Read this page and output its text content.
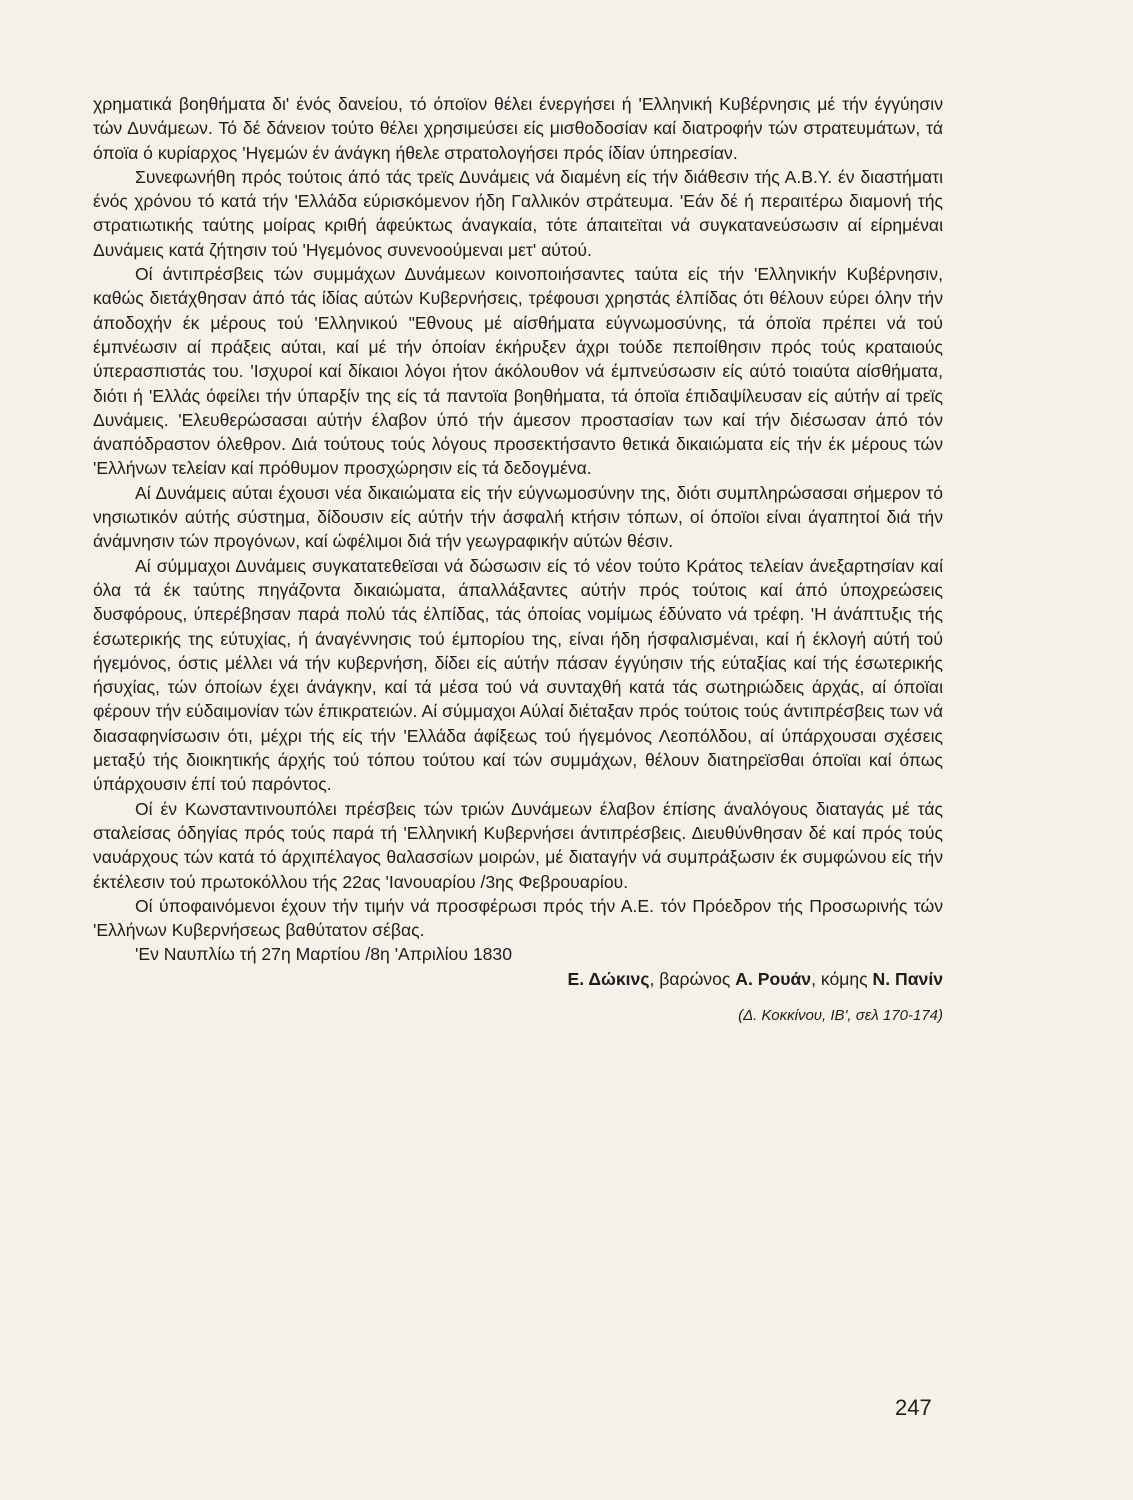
χρηματικά βοηθήματα δι' ένός δανείου, τό όποϊον θέλει ένεργήσει ή 'Ελληνική Κυβέρνησις μέ τήν έγγύησιν τών Δυνάμεων. Τό δέ δάνειον τούτο θέλει χρησιμεύσει είς μισθοδοσίαν καί διατροφήν τών στρατευμάτων, τά όποϊα ό κυρίαρχος 'Ηγεμών έν άνάγκη ήθελε στρατολογήσει πρός ίδίαν ύπηρεσίαν.

Συνεφωνήθη πρός τούτοις άπό τάς τρεϊς Δυνάμεις νά διαμένη είς τήν διάθεσιν τής Α.Β.Υ. έν διαστήματι ένός χρόνου τό κατά τήν 'Ελλάδα εύρισκόμενον ήδη Γαλλικόν στράτευμα. 'Εάν δέ ή περαιτέρω διαμονή τής στρατιωτικής ταύτης μοίρας κριθή άφεύκτως άναγκαία, τότε άπαιτεϊται νά συγκατανεύσωσιν αί είρημέναι Δυνάμεις κατά ζήτησιν τού 'Ηγεμόνος συνενοούμεναι μετ' αύτού.

Οί άντιπρέσβεις τών συμμάχων Δυνάμεων κοινοποιήσαντες ταύτα είς τήν 'Ελληνικήν Κυβέρνησιν, καθώς διετάχθησαν άπό τάς ίδίας αύτών Κυβερνήσεις, τρέφουσι χρηστάς έλπίδας ότι θέλουν εύρει όλην τήν άποδοχήν έκ μέρους τού 'Ελληνικού "Εθνους μέ αίσθήματα εύγνωμοσύνης, τά όποϊα πρέπει νά τού έμπνέωσιν αί πράξεις αύται, καί μέ τήν όποίαν έκήρυξεν άχρι τούδε πεποίθησιν πρός τούς κραταιούς ύπερασπιστάς του. 'Ισχυροί καί δίκαιοι λόγοι ήτον άκόλουθον νά έμπνεύσωσιν είς αύτό τοιαύτα αίσθήματα, διότι ή 'Ελλάς όφείλει τήν ύπαρξίν της είς τά παντοϊα βοηθήματα, τά όποϊα έπιδαψίλευσαν είς αύτήν αί τρεϊς Δυνάμεις. 'Ελευθερώσασαι αύτήν έλαβον ύπό τήν άμεσον προστασίαν των καί τήν διέσωσαν άπό τόν άναπόδραστον όλεθρον. Διά τούτους τούς λόγους προσεκτήσαντο θετικά δικαιώματα είς τήν έκ μέρους τών 'Ελλήνων τελείαν καί πρόθυμον προσχώρησιν είς τά δεδογμένα.

Αί Δυνάμεις αύται έχουσι νέα δικαιώματα είς τήν εύγνωμοσύνην της, διότι συμπληρώσασαι σήμερον τό νησιωτικόν αύτής σύστημα, δίδουσιν είς αύτήν τήν άσφαλή κτήσιν τόπων, οί όποϊοι είναι άγαπητοί διά τήν άνάμνησιν τών προγόνων, καί ώφέλιμοι διά τήν γεωγραφικήν αύτών θέσιν.

Αί σύμμαχοι Δυνάμεις συγκατατεθεϊσαι νά δώσωσιν είς τό νέον τούτο Κράτος τελείαν άνεξαρτησίαν καί όλα τά έκ ταύτης πηγάζοντα δικαιώματα, άπαλλάξαντες αύτήν πρός τούτοις καί άπό ύποχρεώσεις δυσφόρους, ύπερέβησαν παρά πολύ τάς έλπίδας, τάς όποίας νομίμως έδύνατο νά τρέφη. 'Η άνάπτυξις τής έσωτερικής της εύτυχίας, ή άναγέννησις τού έμπορίου της, είναι ήδη ήσφαλισμέναι, καί ή έκλογή αύτή τού ήγεμόνος, όστις μέλλει νά τήν κυβερνήση, δίδει είς αύτήν πάσαν έγγύησιν τής εύταξίας καί τής έσωτερικής ήσυχίας, τών όποίων έχει άνάγκην, καί τά μέσα τού νά συνταχθή κατά τάς σωτηριώδεις άρχάς, αί όποϊαι φέρουν τήν εύδαιμονίαν τών έπικρατειών. Αί σύμμαχοι Αύλαί διέταξαν πρός τούτοις τούς άντιπρέσβεις των νά διασαφηνίσωσιν ότι, μέχρι τής είς τήν 'Ελλάδα άφίξεως τού ήγεμόνος Λεοπόλδου, αί ύπάρχουσαι σχέσεις μεταξύ τής διοικητικής άρχής τού τόπου τούτου καί τών συμμάχων, θέλουν διατηρεϊσθαι όποϊαι καί όπως ύπάρχουσιν έπί τού παρόντος.

Οί έν Κωνσταντινουπόλει πρέσβεις τών τριών Δυνάμεων έλαβον έπίσης άναλόγους διαταγάς μέ τάς σταλείσας όδηγίας πρός τούς παρά τή 'Ελληνική Κυβερνήσει άντιπρέσβεις. Διευθύνθησαν δέ καί πρός τούς ναυάρχους τών κατά τό άρχιπέλαγος θαλασσίων μοιρών, μέ διαταγήν νά συμπράξωσιν έκ συμφώνου είς τήν έκτέλεσιν τού πρωτοκόλλου τής 22ας 'Ιανουαρίου /3ης Φεβρουαρίου.

Οί ύποφαινόμενοι έχουν τήν τιμήν νά προσφέρωσι πρός τήν Α.Ε. τόν Πρόεδρον τής Προσωρινής τών 'Ελλήνων Κυβερνήσεως βαθύτατον σέβας.

'Εν Ναυπλίω τή 27η Μαρτίου /8η 'Απριλίου 1830

Ε. Δώκινς, βαρώνος Α. Ρουάν, κόμης Ν. Πανίν

(Δ. Κοκκίνου, ΙΒ', σελ 170-174)

247
